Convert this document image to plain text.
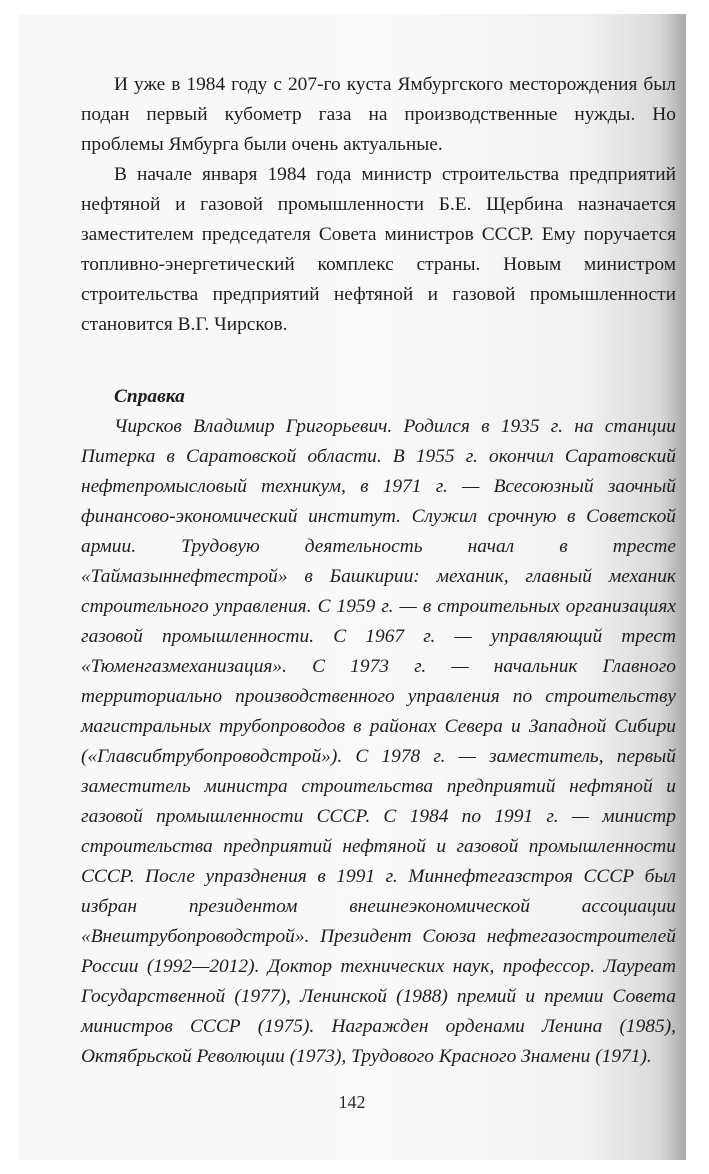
И уже в 1984 году с 207-го куста Ямбургского месторождения был подан первый кубометр газа на производственные нужды. Но проблемы Ямбурга были очень актуальные.

В начале января 1984 года министр строительства предприятий нефтяной и газовой промышленности Б.Е. Щербина назначается заместителем председателя Совета министров СССР. Ему поручается топливно-энергетический комплекс страны. Новым министром строительства предприятий нефтяной и газовой промышленности становится В.Г. Чирсков.

Справка

Чирсков Владимир Григорьевич. Родился в 1935 г. на станции Питерка в Саратовской области. В 1955 г. окончил Саратовский нефтепромысловый техникум, в 1971 г. — Всесоюзный заочный финансово-экономический институт. Служил срочную в Советской армии. Трудовую деятельность начал в тресте «Таймазыннефтестрой» в Башкирии: механик, главный механик строительного управления. С 1959 г. — в строительных организациях газовой промышленности. С 1967 г. — управляющий трест «Тюменгазмеханизация». С 1973 г. — начальник Главного территориально производственного управления по строительству магистральных трубопроводов в районах Севера и Западной Сибири («Главсибтрубопроводстрой»). С 1978 г. — заместитель, первый заместитель министра строительства предприятий нефтяной и газовой промышленности СССР. С 1984 по 1991 г. — министр строительства предприятий нефтяной и газовой промышленности СССР. После упразднения в 1991 г. Миннефтегазстроя СССР был избран президентом внешнеэкономической ассоциации «Внештрубопроводстрой». Президент Союза нефтегазостроителей России (1992—2012). Доктор технических наук, профессор. Лауреат Государственной (1977), Ленинской (1988) премий и премии Совета министров СССР (1975). Награжден орденами Ленина (1985), Октябрьской Революции (1973), Трудового Красного Знамени (1971).

142
